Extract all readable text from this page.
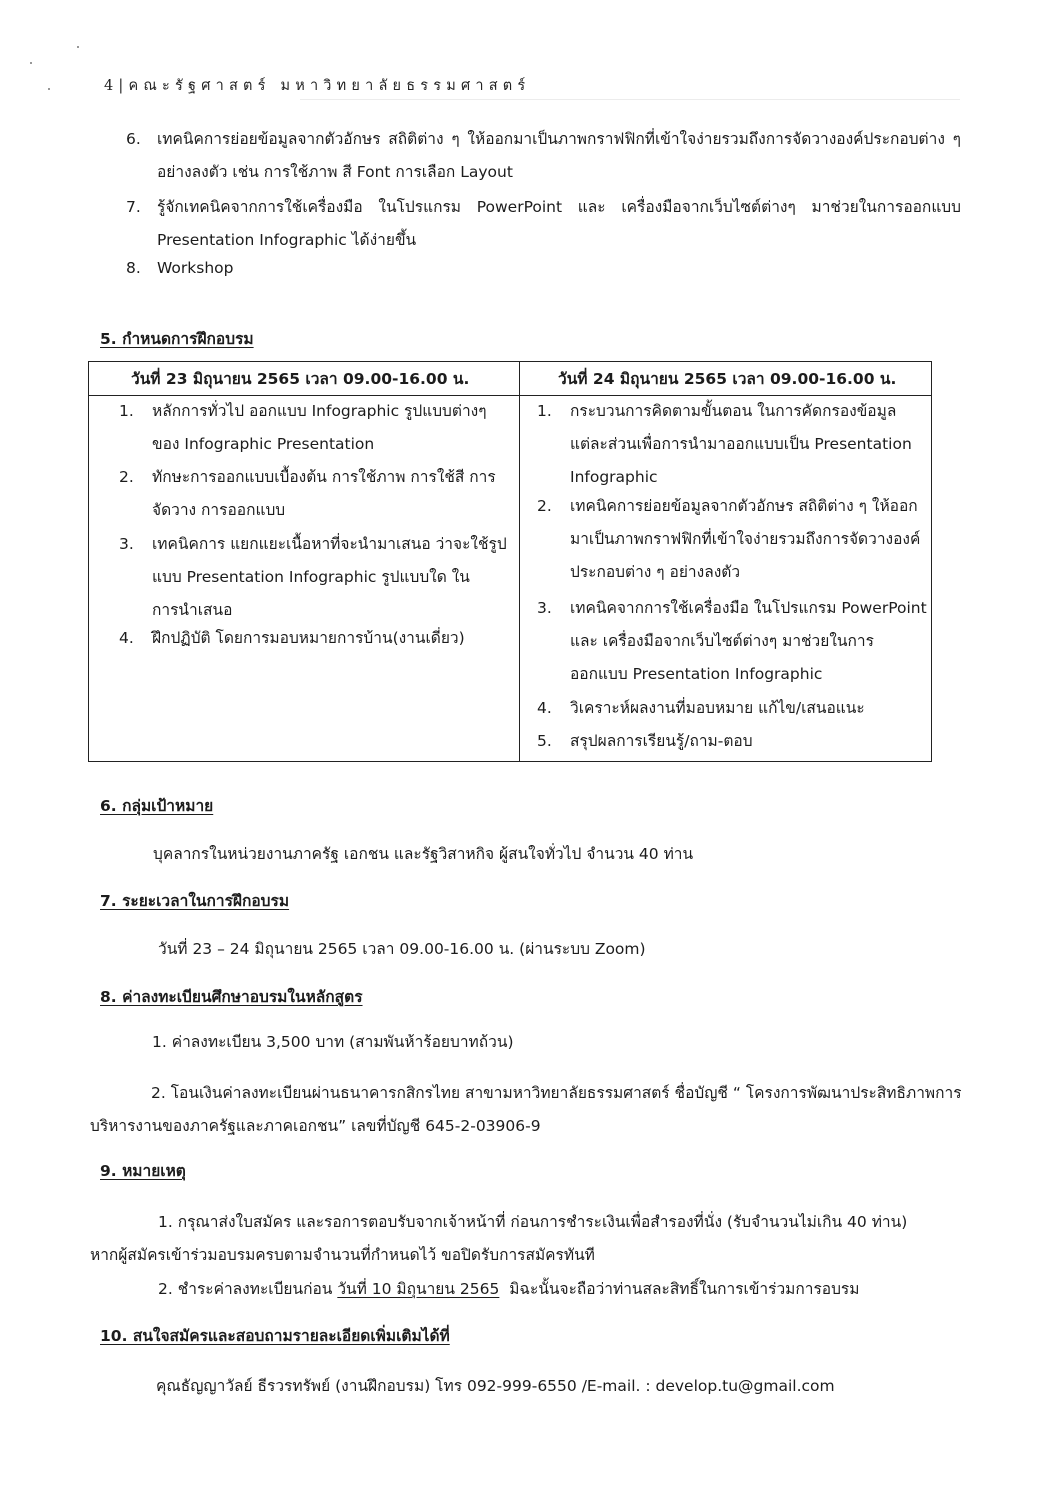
4|คณะรัฐศาสตร์ มหาวิทยาลัยธรรมศาสตร์
6. เทคนิคการย่อยข้อมูลจากตัวอักษร สถิติต่าง ๆ ให้ออกมาเป็นภาพกราฟฟิกที่เข้าใจง่ายรวมถึงการจัดวางองค์ประกอบต่าง ๆ อย่างลงตัว เช่น การใช้ภาพ สี Font การเลือก Layout
7. รู้จักเทคนิคจากการใช้เครื่องมือ ในโปรแกรม PowerPoint และ เครื่องมือจากเว็บไซต์ต่างๆ มาช่วยในการออกแบบ Presentation Infographic ได้ง่ายขึ้น
8. Workshop
5. กำหนดการฝึกอบรม
วันที่ 23 มิถุนายน 2565 เวลา 09.00-16.00 น.	วันที่ 24 มิถุนายน 2565 เวลา 09.00-16.00 น.
1. หลักการทั่วไป ออกแบบ Infographic รูปแบบต่างๆ ของ Infographic Presentation
2. ทักษะการออกแบบเบื้องต้น การใช้ภาพ การใช้สี การจัดวาง การออกแบบ
3. เทคนิคการ แยกแยะเนื้อหาที่จะนำมาเสนอ ว่าจะใช้รูปแบบ Presentation Infographic รูปแบบใด ในการนำเสนอ
4. ฝึกปฏิบัติ โดยการมอบหมายการบ้าน(งานเดี่ยว)
1. กระบวนการคิดตามขั้นตอน ในการคัดกรองข้อมูล แต่ละส่วนเพื่อการนำมาออกแบบเป็น Presentation Infographic
2. เทคนิคการย่อยข้อมูลจากตัวอักษร สถิติต่าง ๆ ให้ออกมาเป็นภาพกราฟฟิกที่เข้าใจง่ายรวมถึงการจัดวางองค์ประกอบต่าง ๆ อย่างลงตัว
3. เทคนิคจากการใช้เครื่องมือ ในโปรแกรม PowerPoint และ เครื่องมือจากเว็บไซต์ต่างๆ มาช่วยในการออกแบบ Presentation Infographic
4. วิเคราะห์ผลงานที่มอบหมาย แก้ไข/เสนอแนะ
5. สรุปผลการเรียนรู้/ถาม-ตอบ
6. กลุ่มเป้าหมาย
บุคลากรในหน่วยงานภาครัฐ เอกชน และรัฐวิสาหกิจ ผู้สนใจทั่วไป จำนวน 40 ท่าน
7. ระยะเวลาในการฝึกอบรม
วันที่ 23 – 24 มิถุนายน 2565 เวลา 09.00-16.00 น. (ผ่านระบบ Zoom)
8. ค่าลงทะเบียนศึกษาอบรมในหลักสูตร
1. ค่าลงทะเบียน 3,500 บาท (สามพันห้าร้อยบาทถ้วน)
2. โอนเงินค่าลงทะเบียนผ่านธนาคารกสิกรไทย สาขามหาวิทยาลัยธรรมศาสตร์ ชื่อบัญชี “ โครงการพัฒนาประสิทธิภาพการ
บริหารงานของภาครัฐและภาคเอกชน” เลขที่บัญชี 645-2-03906-9
9. หมายเหตุ
1. กรุณาส่งใบสมัคร และรอการตอบรับจากเจ้าหน้าที่ ก่อนการชำระเงินเพื่อสำรองที่นั่ง (รับจำนวนไม่เกิน 40 ท่าน)
หากผู้สมัครเข้าร่วมอบรมครบตามจำนวนที่กำหนดไว้ ขอปิดรับการสมัครทันที
2. ชำระค่าลงทะเบียนก่อน วันที่ 10 มิถุนายน 2565  มิฉะนั้นจะถือว่าท่านสละสิทธิ์ในการเข้าร่วมการอบรม
10. สนใจสมัครและสอบถามรายละเอียดเพิ่มเติมได้ที่
คุณธัญญาวัลย์ ธีรวรทรัพย์ (งานฝึกอบรม) โทร 092-999-6550 /E-mail. : develop.tu@gmail.com
